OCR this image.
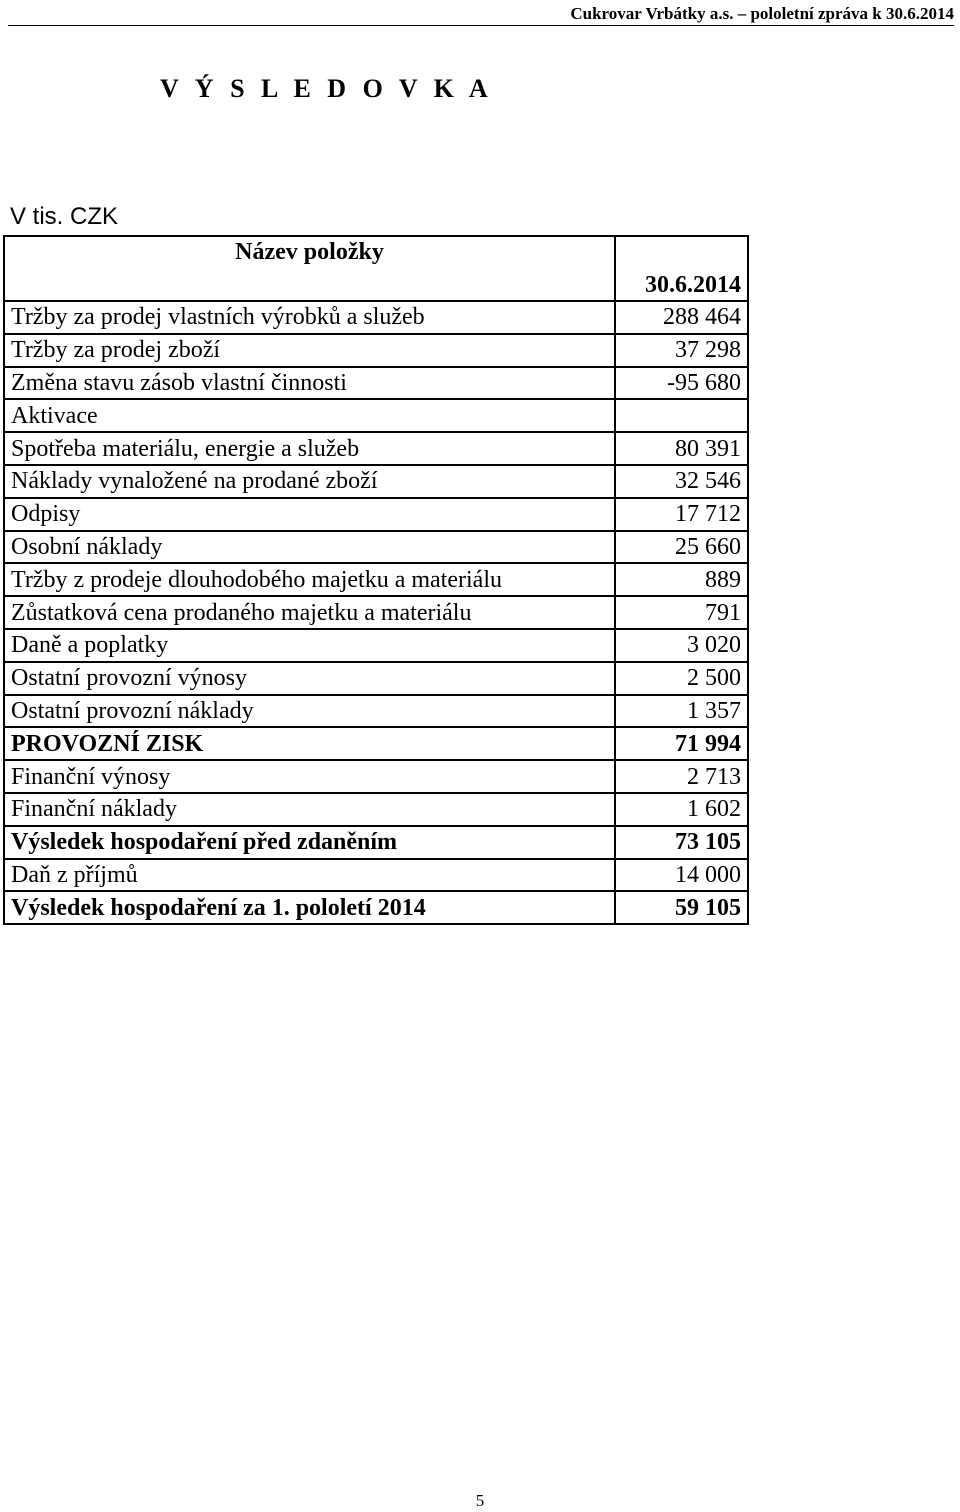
Cukrovar Vrbátky a.s. – pololetní zpráva k 30.6.2014
V Ý S L E D O V K A
V tis. CZK
Název položky	30.6.2014
Tržby za prodej vlastních výrobků a služeb	288 464
Tržby za prodej zboží	37 298
Změna stavu zásob vlastní činnosti	-95 680
Aktivace	
Spotřeba materiálu, energie a služeb	80 391
Náklady vynaložené na prodané zboží	32 546
Odpisy	17 712
Osobní náklady	25 660
Tržby z prodeje dlouhodobého majetku a materiálu	889
Zůstatková cena prodaného majetku a materiálu	791
Daně a poplatky	3 020
Ostatní provozní výnosy	2 500
Ostatní provozní náklady	1 357
PROVOZNÍ ZISK	71 994
Finanční výnosy	2 713
Finanční náklady	1 602
Výsledek hospodaření před zdaněním	73 105
Daň z příjmů	14 000
Výsledek hospodaření za 1. pololetí 2014	59 105
5
